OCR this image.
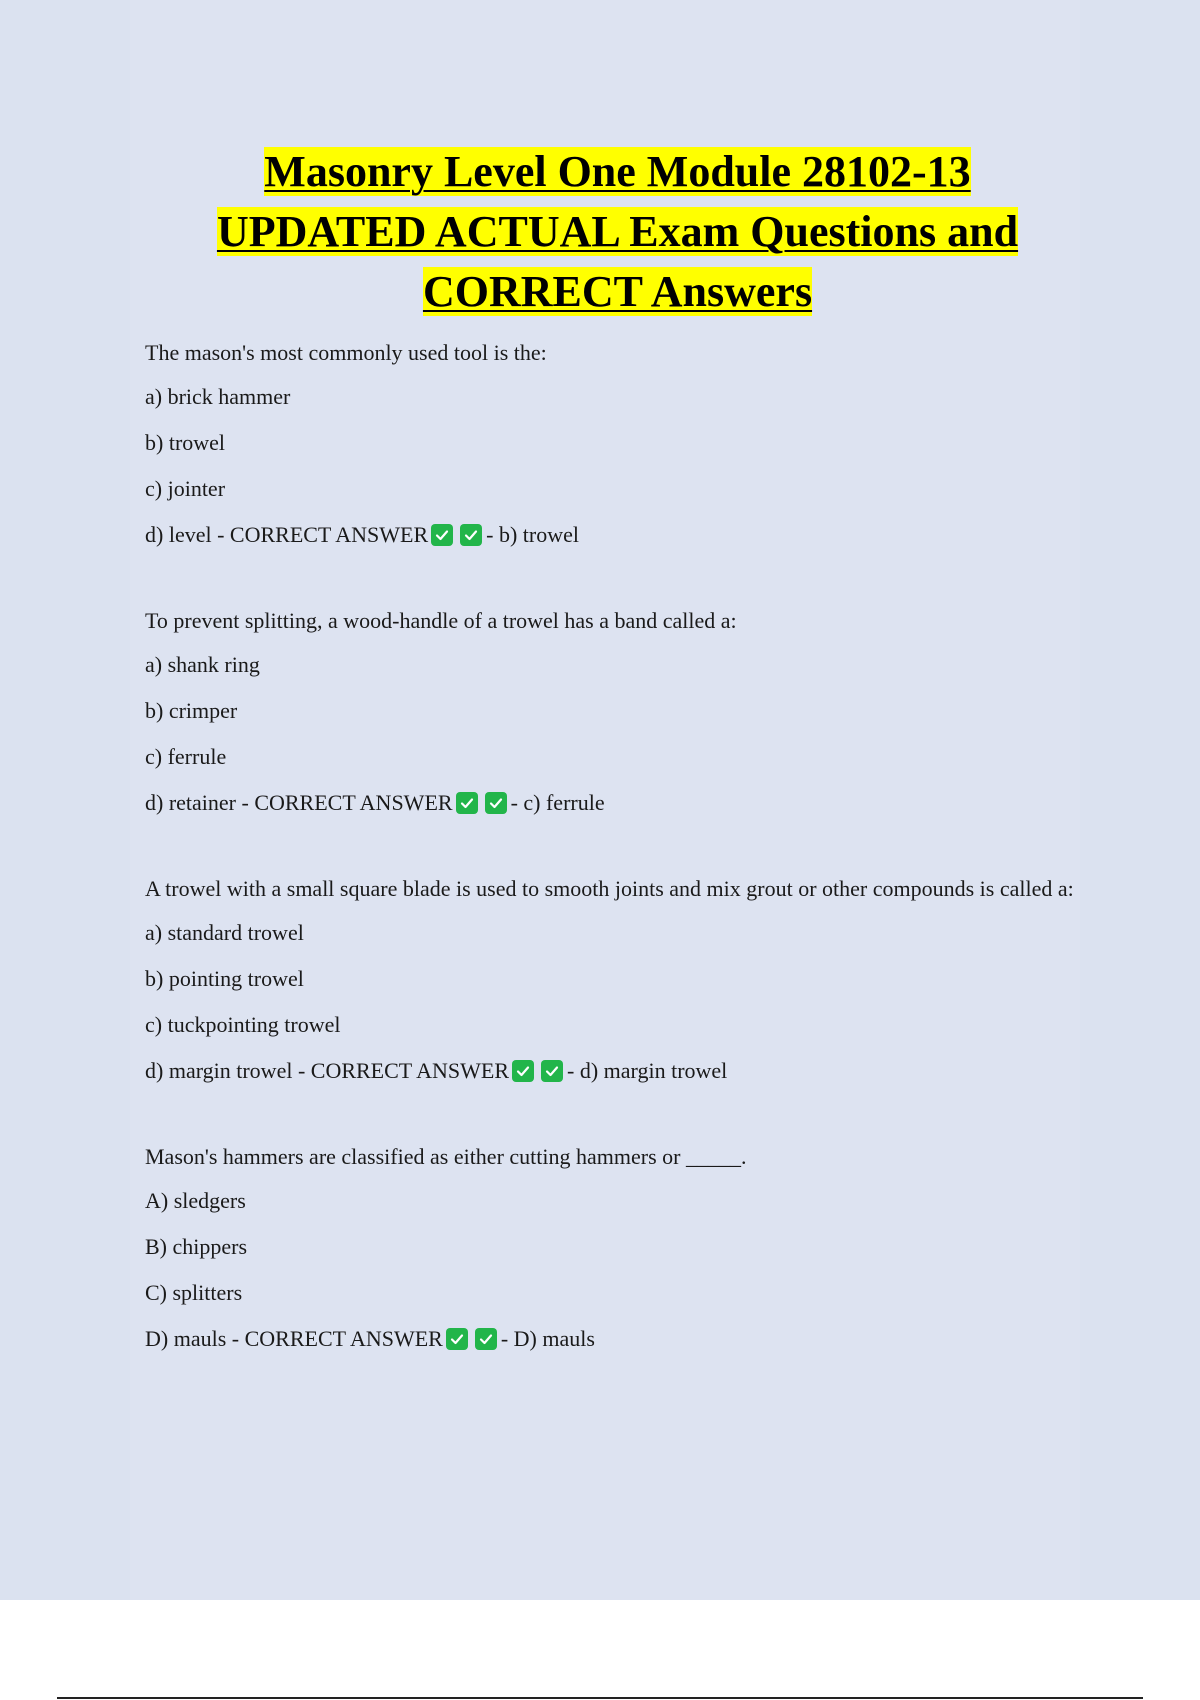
Masonry Level One Module 28102-13
UPDATED ACTUAL Exam Questions and
CORRECT Answers

The mason's most commonly used tool is the:

a) brick hammer

b) trowel

c) jointer

d) level - CORRECT ANSWER	- b) trowel

To prevent splitting, a wood-handle of a trowel has a band called a:

a) shank ring

b) crimper

c) ferrule

d) retainer - CORRECT ANSWER	- c) ferrule

A trowel with a small square blade is used to smooth joints and mix grout or other compounds is called a:

a) standard trowel

b) pointing trowel

c) tuckpointing trowel

d) margin trowel - CORRECT ANSWER	- d) margin trowel

Mason's hammers are classified as either cutting hammers or _____.

A) sledgers

B) chippers

C) splitters

D) mauls - CORRECT ANSWER	- D) mauls
